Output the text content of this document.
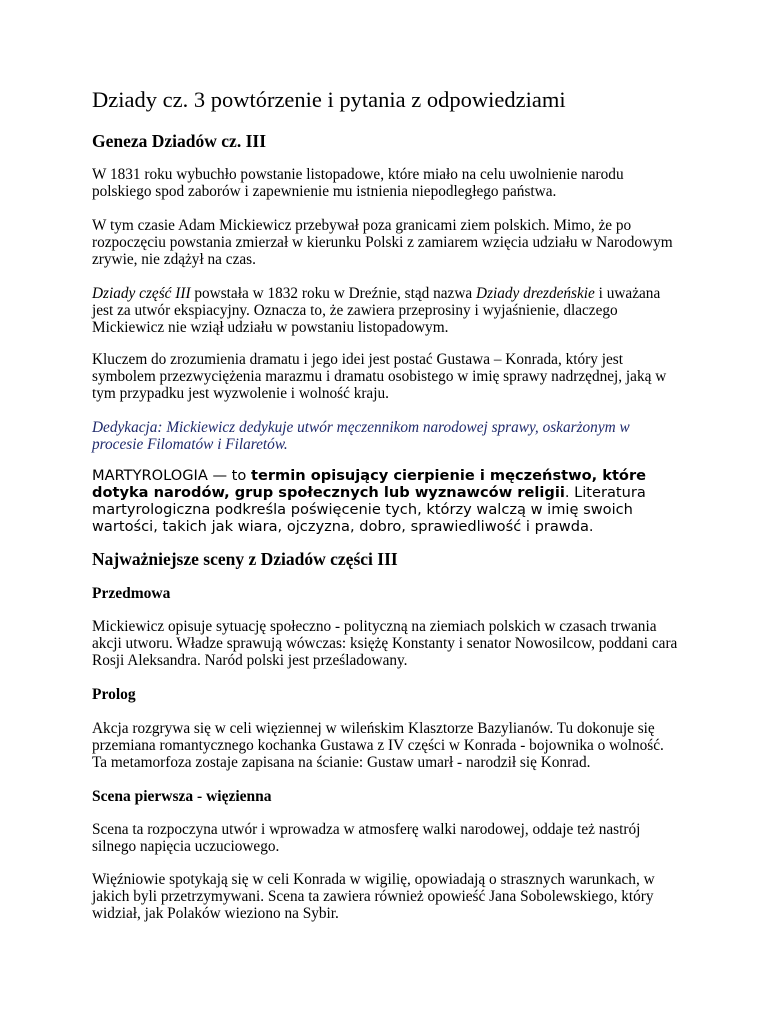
Dziady cz. 3 powtórzenie i pytania z odpowiedziami
Geneza Dziadów cz. III

W 1831 roku wybuchło powstanie listopadowe, które miało na celu uwolnienie narodu polskiego spod zaborów i zapewnienie mu istnienia niepodległego państwa.

W tym czasie Adam Mickiewicz przebywał poza granicami ziem polskich. Mimo, że po rozpoczęciu powstania zmierzał w kierunku Polski z zamiarem wzięcia udziału w Narodowym zrywie, nie zdążył na czas.

Dziady część III powstała w 1832 roku w Dreźnie, stąd nazwa Dziady drezdeńskie i uważana jest za utwór ekspiacyjny. Oznacza to, że zawiera przeprosiny i wyjaśnienie, dlaczego Mickiewicz nie wziął udziału w powstaniu listopadowym.

Kluczem do zrozumienia dramatu i jego idei jest postać Gustawa – Konrada, który jest symbolem przezwyciężenia marazmu i dramatu osobistego w imię sprawy nadrzędnej, jaką w tym przypadku jest wyzwolenie i wolność kraju.

Dedykacja: Mickiewicz dedykuje utwór męczennikom narodowej sprawy, oskarżonym w procesie Filomatów i Filaretów.

MARTYROLOGIA — to termin opisujący cierpienie i męczeństwo, które dotyka narodów, grup społecznych lub wyznawców religii. Literatura martyrologiczna podkreśla poświęcenie tych, którzy walczą w imię swoich wartości, takich jak wiara, ojczyzna, dobro, sprawiedliwość i prawda.

Najważniejsze sceny z Dziadów części III
Przedmowa

Mickiewicz opisuje sytuację społeczno - polityczną na ziemiach polskich w czasach trwania akcji utworu. Władze sprawują wówczas: księżę Konstanty i senator Nowosilcow, poddani cara Rosji Aleksandra. Naród polski jest prześladowany.

Prolog

Akcja rozgrywa się w celi więziennej w wileńskim Klasztorze Bazylianów. Tu dokonuje się przemiana romantycznego kochanka Gustawa z IV części w Konrada - bojownika o wolność. Ta metamorfoza zostaje zapisana na ścianie: Gustaw umarł - narodził się Konrad.

Scena pierwsza - więzienna

Scena ta rozpoczyna utwór i wprowadza w atmosferę walki narodowej, oddaje też nastrój silnego napięcia uczuciowego.

Więźniowie spotykają się w celi Konrada w wigilię, opowiadają o strasznych warunkach, w jakich byli przetrzymywani. Scena ta zawiera również opowieść Jana Sobolewskiego, który widział, jak Polaków wieziono na Sybir.
